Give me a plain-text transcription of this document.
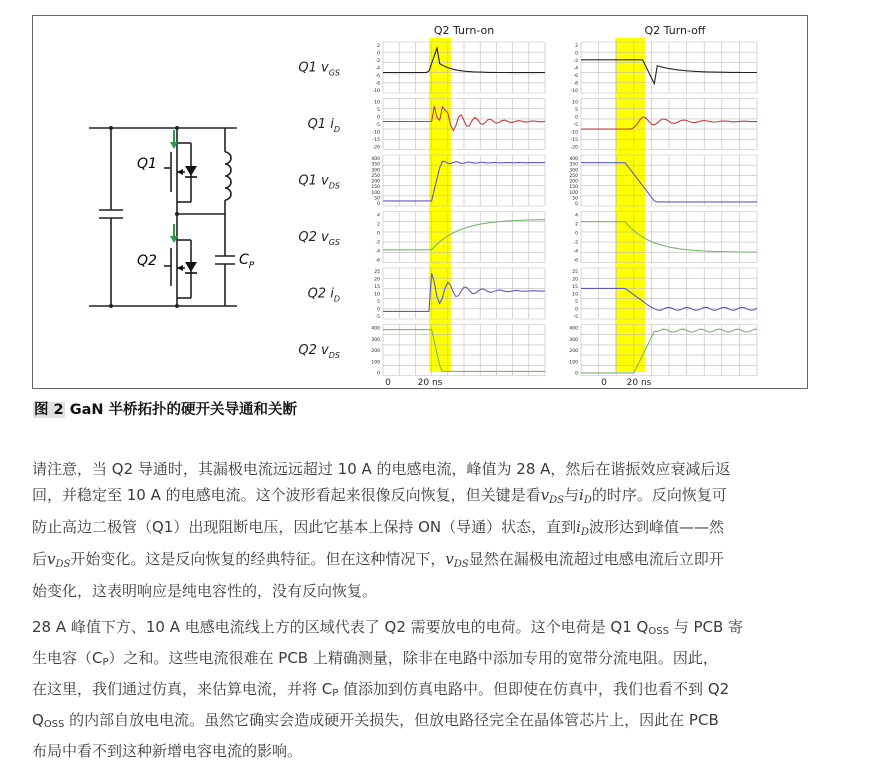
Q1
Q2	$C_P$
Q2 Turn-on	Q2 Turn-off
Q1 $v_{GS}$
2
0
-2
-4
-6
-8
-10
2
0
-2
-4
-6
-8
-10
Q1 $i_D$
10
5
0
-5
-10
-15
-20
10
5
0
-5
-10
-15
-20
Q1 $v_{DS}$
400
350
300
250
200
150
100
50
0
400
350
300
250
200
150
100
50
0
Q2 $v_{GS}$
4
2
0
-2
-4
-6
4
2
0
-2
-4
-6
Q2 $i_D$
25
20
15
10
5
0
-5
25
20
15
10
5
0
-5
Q2 $v_{DS}$
400
300
200
100
0
400
300
200
100
0
0	20 ns	0 20 ns
图 2 GaN 半桥拓扑的硬开关导通和关断
请注意，当 Q2 导通时，其漏极电流远远超过 10 A 的电感电流，峰值为 28 A，然后在谐振效应衰减后返
回，并稳定至 10 A 的电感电流。这个波形看起来很像反向恢复，但关键是看$v_{DS}$与$i_D$的时序。反向恢复可
防止高边二极管（Q1）出现阻断电压，因此它基本上保持 ON（导通）状态，直到$i_D$波形达到峰值——然
后$v_{DS}$开始变化。这是反向恢复的经典特征。但在这种情况下，$v_{DS}$显然在漏极电流超过电感电流后立即开
始变化，这表明响应是纯电容性的，没有反向恢复。
28 A 峰值下方、10 A 电感电流线上方的区域代表了 Q2 需要放电的电荷。这个电荷是 Q1 QOSS 与 PCB 寄
生电容（CP）之和。这些电流很难在 PCB 上精确测量，除非在电路中添加专用的宽带分流电阻。因此，
在这里，我们通过仿真，来估算电流，并将 CP 值添加到仿真电路中。但即使在仿真中，我们也看不到 Q2
QOSS 的内部自放电电流。虽然它确实会造成硬开关损失，但放电路径完全在晶体管芯片上，因此在 PCB
布局中看不到这种新增电容电流的影响。
